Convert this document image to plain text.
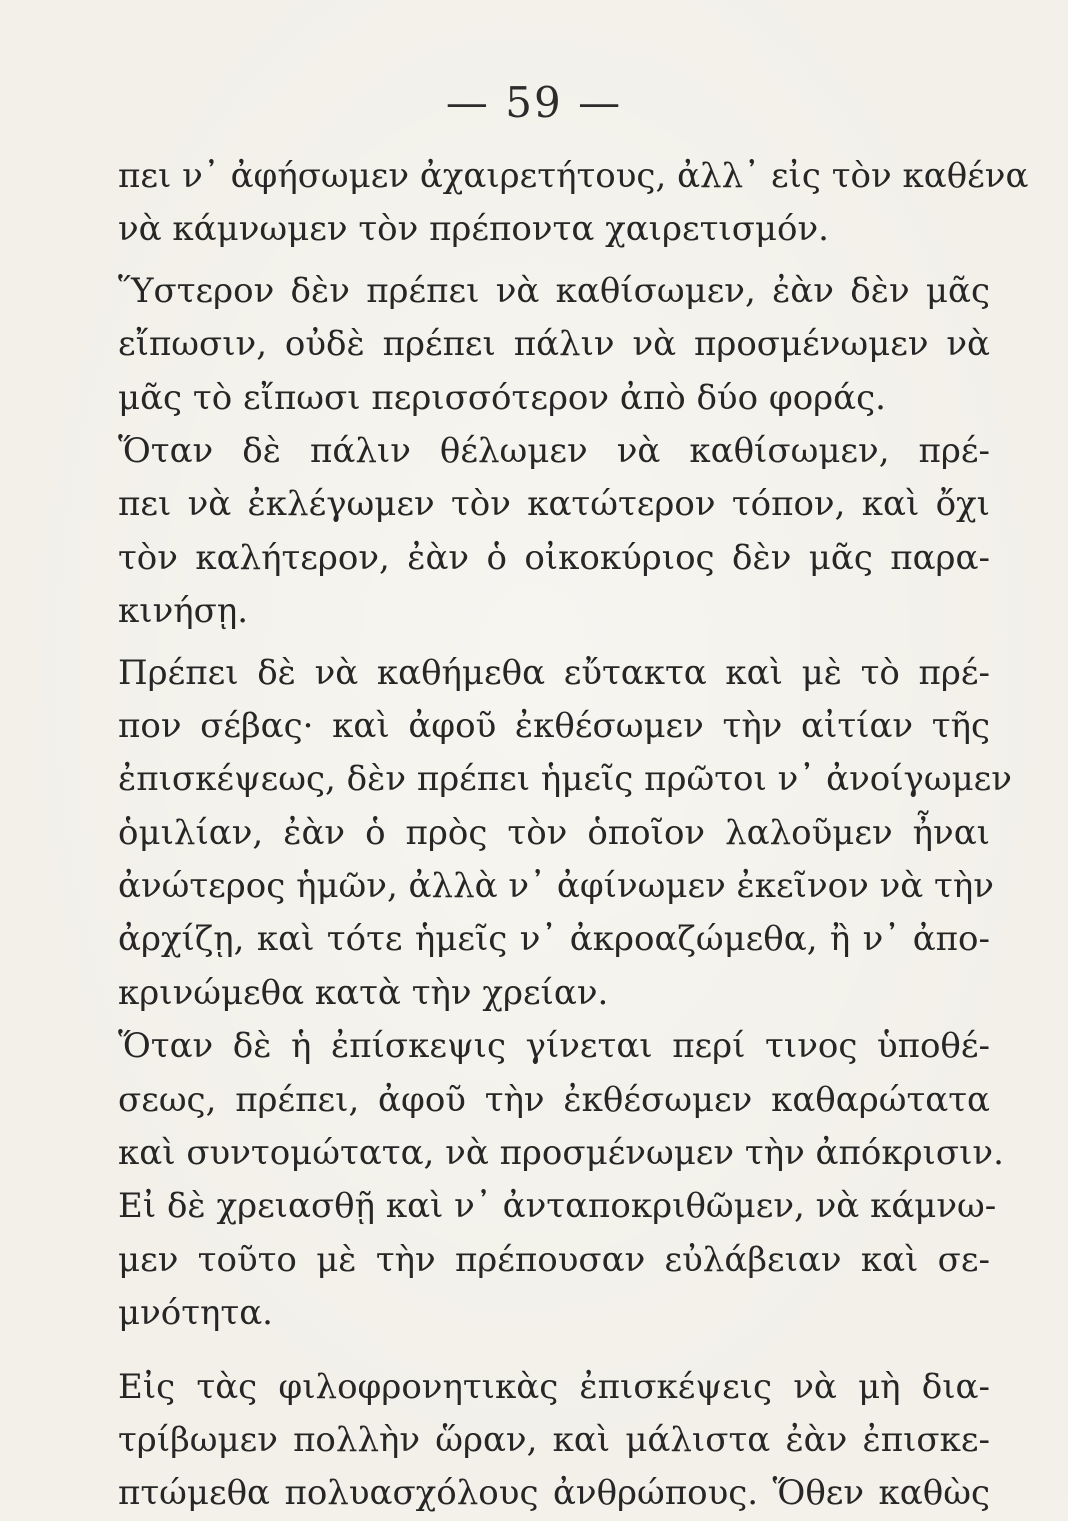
— 59 —
πει ν᾽ ἀφήσωμεν ἀχαιρετήτους, ἀλλ᾽ εἰς τὸν καθένα
νὰ κάμνωμεν τὸν πρέποντα χαιρετισμόν.
Ὕστερον δὲν πρέπει νὰ καθίσωμεν, ἐὰν δὲν μᾶς
εἴπωσιν, οὐδὲ πρέπει πάλιν νὰ προσμένωμεν νὰ
μᾶς τὸ εἴπωσι περισσότερον ἀπὸ δύο φοράς.
Ὅταν δὲ πάλιν θέλωμεν νὰ καθίσωμεν, πρέ-
πει νὰ ἐκλέγωμεν τὸν κατώτερον τόπον, καὶ ὄχι
τὸν καλήτερον, ἐὰν ὁ οἰκοκύριος δὲν μᾶς παρα-
κινήσῃ.
Πρέπει δὲ νὰ καθήμεθα εὔτακτα καὶ μὲ τὸ πρέ-
πον σέβας· καὶ ἀφοῦ ἐκθέσωμεν τὴν αἰτίαν τῆς
ἐπισκέψεως, δὲν πρέπει ἡμεῖς πρῶτοι ν᾽ ἀνοίγωμεν
ὁμιλίαν, ἐὰν ὁ πρὸς τὸν ὁποῖον λαλοῦμεν ἦναι
ἀνώτερος ἡμῶν, ἀλλὰ ν᾽ ἀφίνωμεν ἐκεῖνον νὰ τὴν
ἀρχίζῃ, καὶ τότε ἡμεῖς ν᾽ ἀκροαζώμεθα, ἢ ν᾽ ἀπο-
κρινώμεθα κατὰ τὴν χρείαν.
Ὅταν δὲ ἡ ἐπίσκεψις γίνεται περί τινος ὑποθέ-
σεως, πρέπει, ἀφοῦ τὴν ἐκθέσωμεν καθαρώτατα
καὶ συντομώτατα, νὰ προσμένωμεν τὴν ἀπόκρισιν.
Εἰ δὲ χρειασθῇ καὶ ν᾽ ἀνταποκριθῶμεν, νὰ κάμνω-
μεν τοῦτο μὲ τὴν πρέπουσαν εὐλάβειαν καὶ σε-
μνότητα.
Εἰς τὰς φιλοφρονητικὰς ἐπισκέψεις νὰ μὴ δια-
τρίβωμεν πολλὴν ὥραν, καὶ μάλιστα ἐὰν ἐπισκε-
πτώμεθα πολυασχόλους ἀνθρώπους. Ὅθεν καθὼς
